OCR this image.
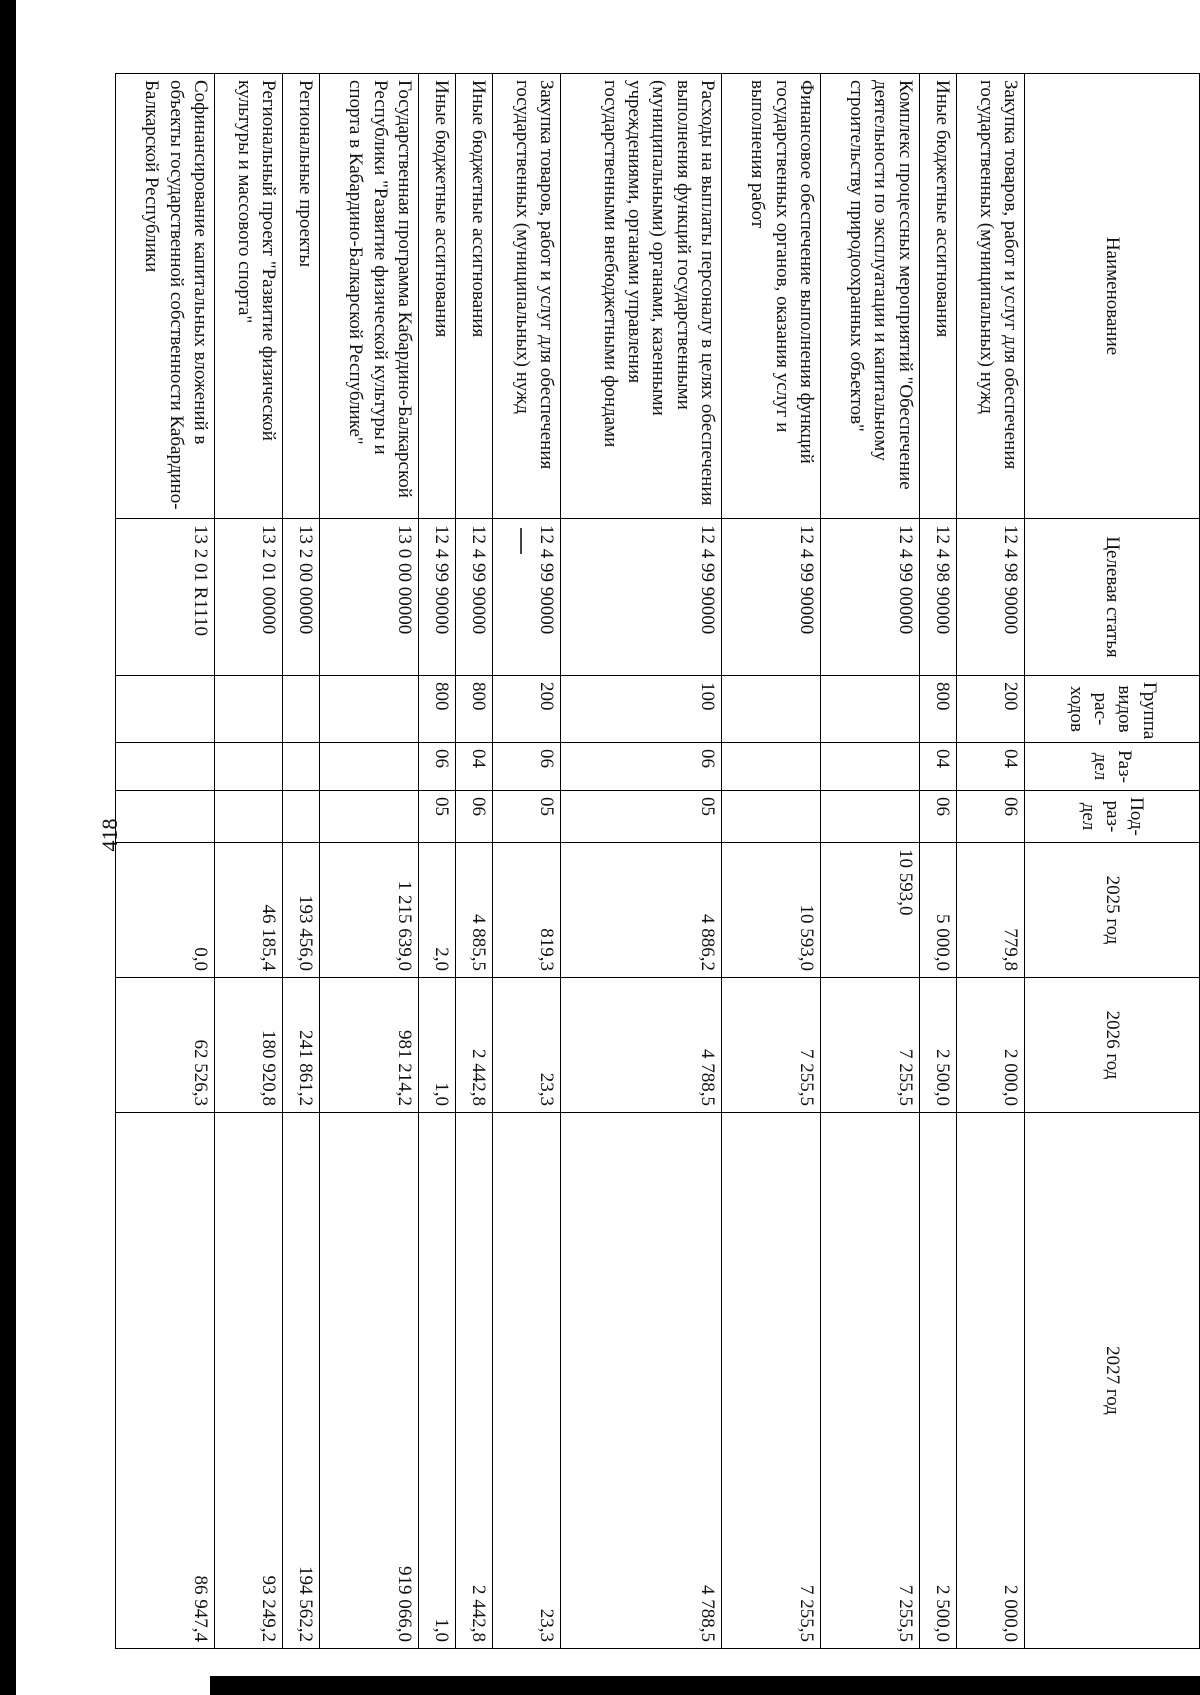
418
Наименование	Целевая статья	Группа видов рас-ходов	Раз-дел	Под-раз-дел	2025 год	2026 год	2027 год
Закупка товаров, работ и услуг для обеспечения государственных (муниципальных) нужд	12 4 98 90000	200	04	06	779,8	2 000,0	2 000,0
Иные бюджетные ассигнования	12 4 98 90000	800	04	06	5 000,0	2 500,0	2 500,0
Комплекс процессных мероприятий "Обеспечение деятельности по эксплуатации и капитальному строительству природоохранных объектов"	12 4 99 00000				10 593,0	7 255,5	7 255,5
Финансовое обеспечение выполнения функций государственных органов, оказания услуг и выполнения работ	12 4 99 90000				10 593,0	7 255,5	7 255,5
Расходы на выплаты персоналу в целях обеспечения выполнения функций государственными (муниципальными) органами, казенными учреждениями, органами управления государственными внебюджетными фондами	12 4 99 90000	100	06	05	4 886,2	4 788,5	4 788,5
Закупка товаров, работ и услуг для обеспечения государственных (муниципальных) нужд	12 4 99 90000	200	06	05	819,3	23,3	23,3
Иные бюджетные ассигнования	12 4 99 90000	800	04	06	4 885,5	2 442,8	2 442,8
Иные бюджетные ассигнования	12 4 99 90000	800	06	05	2,0	1,0	1,0
Государственная программа Кабардино-Балкарской Республики "Развитие физической культуры и спорта в Кабардино-Балкарской Республике"	13 0 00 00000				1 215 639,0	981 214,2	919 066,0
Региональные проекты	13 2 00 00000				193 456,0	241 861,2	194 562,2
Региональный проект "Развитие физической культуры и массового спорта"	13 2 01 00000				46 185,4	180 920,8	93 249,2
Софинансирование капитальных вложений в объекты государственной собственности Кабардино-Балкарской Республики	13 2 01 R1110				0,0	62 526,3	86 947,4
